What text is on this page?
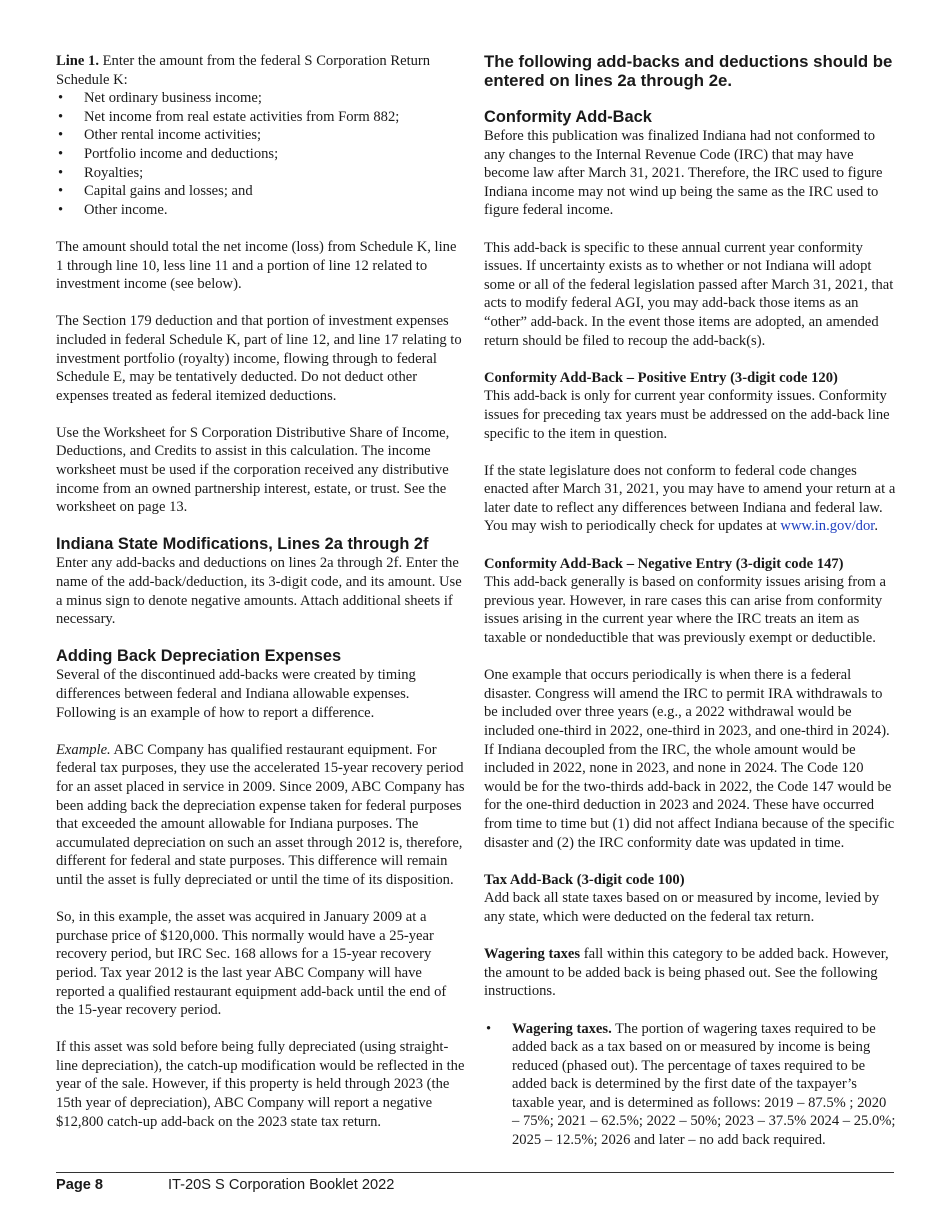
Line 1. Enter the amount from the federal S Corporation Return Schedule K:

• Net ordinary business income;
• Net income from real estate activities from Form 882;
• Other rental income activities;
• Portfolio income and deductions;
• Royalties;
• Capital gains and losses; and
• Other income.

The amount should total the net income (loss) from Schedule K, line 1 through line 10, less line 11 and a portion of line 12 related to investment income (see below).

The Section 179 deduction and that portion of investment expenses included in federal Schedule K, part of line 12, and line 17 relating to investment portfolio (royalty) income, flowing through to federal Schedule E, may be tentatively deducted. Do not deduct other expenses treated as federal itemized deductions.

Use the Worksheet for S Corporation Distributive Share of Income, Deductions, and Credits to assist in this calculation. The income worksheet must be used if the corporation received any distributive income from an owned partnership interest, estate, or trust. See the worksheet on page 13.

Indiana State Modifications, Lines 2a through 2f

Enter any add-backs and deductions on lines 2a through 2f. Enter the name of the add-back/deduction, its 3-digit code, and its amount. Use a minus sign to denote negative amounts. Attach additional sheets if necessary.

Adding Back Depreciation Expenses

Several of the discontinued add-backs were created by timing differences between federal and Indiana allowable expenses. Following is an example of how to report a difference.

Example. ABC Company has qualified restaurant equipment. For federal tax purposes, they use the accelerated 15-year recovery period for an asset placed in service in 2009. Since 2009, ABC Company has been adding back the depreciation expense taken for federal purposes that exceeded the amount allowable for Indiana purposes. The accumulated depreciation on such an asset through 2012 is, therefore, different for federal and state purposes. This difference will remain until the asset is fully depreciated or until the time of its disposition.

So, in this example, the asset was acquired in January 2009 at a purchase price of $120,000. This normally would have a 25-year recovery period, but IRC Sec. 168 allows for a 15-year recovery period. Tax year 2012 is the last year ABC Company will have reported a qualified restaurant equipment add-back until the end of the 15-year recovery period.

If this asset was sold before being fully depreciated (using straight-line depreciation), the catch-up modification would be reflected in the year of the sale. However, if this property is held through 2023 (the 15th year of depreciation), ABC Company will report a negative $12,800 catch-up add-back on the 2023 state tax return.

The following add-backs and deductions should be entered on lines 2a through 2e.
Conformity Add-Back

Before this publication was finalized Indiana had not conformed to any changes to the Internal Revenue Code (IRC) that may have become law after March 31, 2021. Therefore, the IRC used to figure Indiana income may not wind up being the same as the IRC used to figure federal income.

This add-back is specific to these annual current year conformity issues. If uncertainty exists as to whether or not Indiana will adopt some or all of the federal legislation passed after March 31, 2021, that acts to modify federal AGI, you may add-back those items as an “other” add-back. In the event those items are adopted, an amended return should be filed to recoup the add-back(s).

Conformity Add-Back – Positive Entry (3-digit code 120)

This add-back is only for current year conformity issues. Conformity issues for preceding tax years must be addressed on the add-back line specific to the item in question.

If the state legislature does not conform to federal code changes enacted after March 31, 2021, you may have to amend your return at a later date to reflect any differences between Indiana and federal law. You may wish to periodically check for updates at www.in.gov/dor.

Conformity Add-Back – Negative Entry (3-digit code 147)

This add-back generally is based on conformity issues arising from a previous year. However, in rare cases this can arise from conformity issues arising in the current year where the IRC treats an item as taxable or nondeductible that was previously exempt or deductible.

One example that occurs periodically is when there is a federal disaster. Congress will amend the IRC to permit IRA withdrawals to be included over three years (e.g., a 2022 withdrawal would be included one-third in 2022, one-third in 2023, and one-third in 2024). If Indiana decoupled from the IRC, the whole amount would be included in 2022, none in 2023, and none in 2024. The Code 120 would be for the two-thirds add-back in 2022, the Code 147 would be for the one-third deduction in 2023 and 2024. These have occurred from time to time but (1) did not affect Indiana because of the specific disaster and (2) the IRC conformity date was updated in time.

Tax Add-Back (3-digit code 100)

Add back all state taxes based on or measured by income, levied by any state, which were deducted on the federal tax return.

Wagering taxes fall within this category to be added back. However, the amount to be added back is being phased out. See the following instructions.

• Wagering taxes. The portion of wagering taxes required to be added back as a tax based on or measured by income is being reduced (phased out). The percentage of taxes required to be added back is determined by the first date of the taxpayer’s taxable year, and is determined as follows: 2019 – 87.5% ; 2020 – 75%; 2021 – 62.5%; 2022 – 50%; 2023 – 37.5% 2024 – 25.0%; 2025 – 12.5%; 2026 and later – no add back required.
Page 8	IT-20S S Corporation Booklet 2022
